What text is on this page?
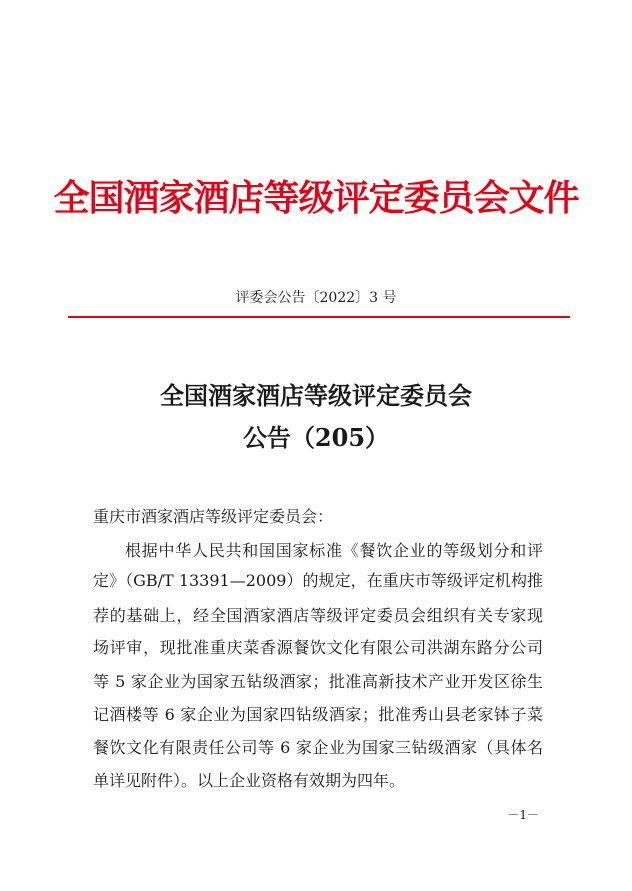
全国酒家酒店等级评定委员会文件
评委会公告〔2022〕3 号
全国酒家酒店等级评定委员会
公告（205）
重庆市酒家酒店等级评定委员会：
根据中华人民共和国国家标准《餐饮企业的等级划分和评
定》（GB/T 13391—2009）的规定，在重庆市等级评定机构推
荐的基础上，经全国酒家酒店等级评定委员会组织有关专家现
场评审，现批准重庆菜香源餐饮文化有限公司洪湖东路分公司
等 5 家企业为国家五钻级酒家；批准高新技术产业开发区徐生
记酒楼等 6 家企业为国家四钻级酒家；批准秀山县老家钵子菜
餐饮文化有限责任公司等 6 家企业为国家三钻级酒家（具体名
单详见附件）。以上企业资格有效期为四年。
－1－
